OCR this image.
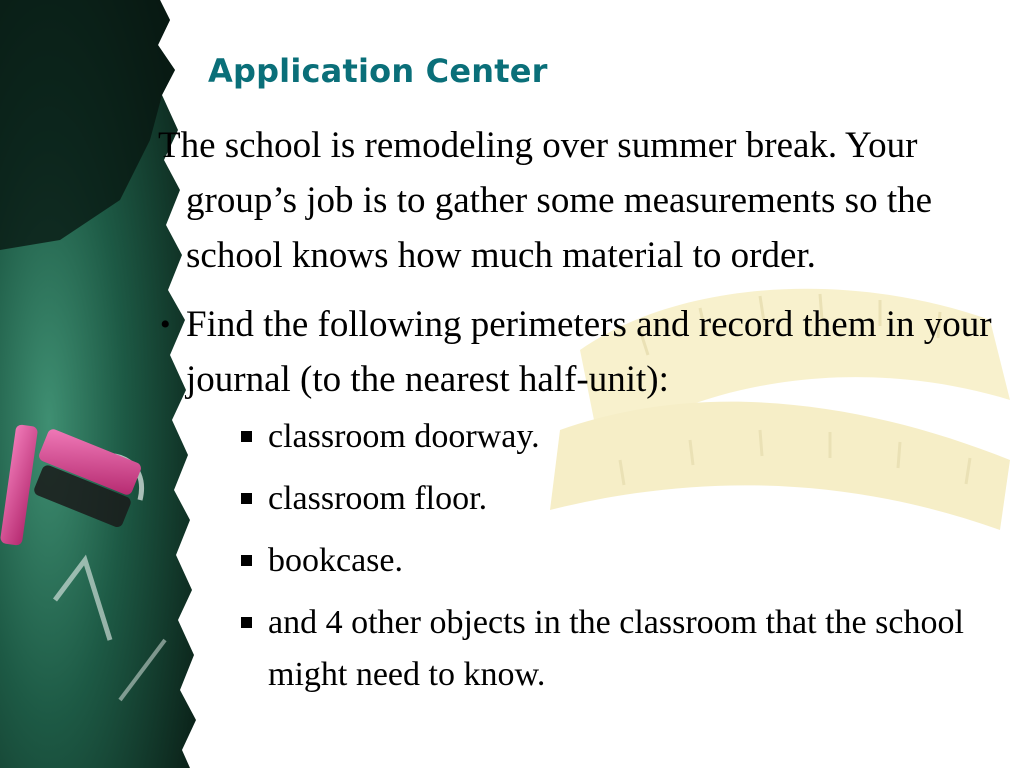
Application Center

The school is remodeling over summer break. Your group’s job is to gather some measurements so the school knows how much material to order.

• Find the following perimeters and record them in your journal (to the nearest half-unit):
classroom doorway.
classroom floor.
bookcase.
and 4 other objects in the classroom that the school might need to know.
